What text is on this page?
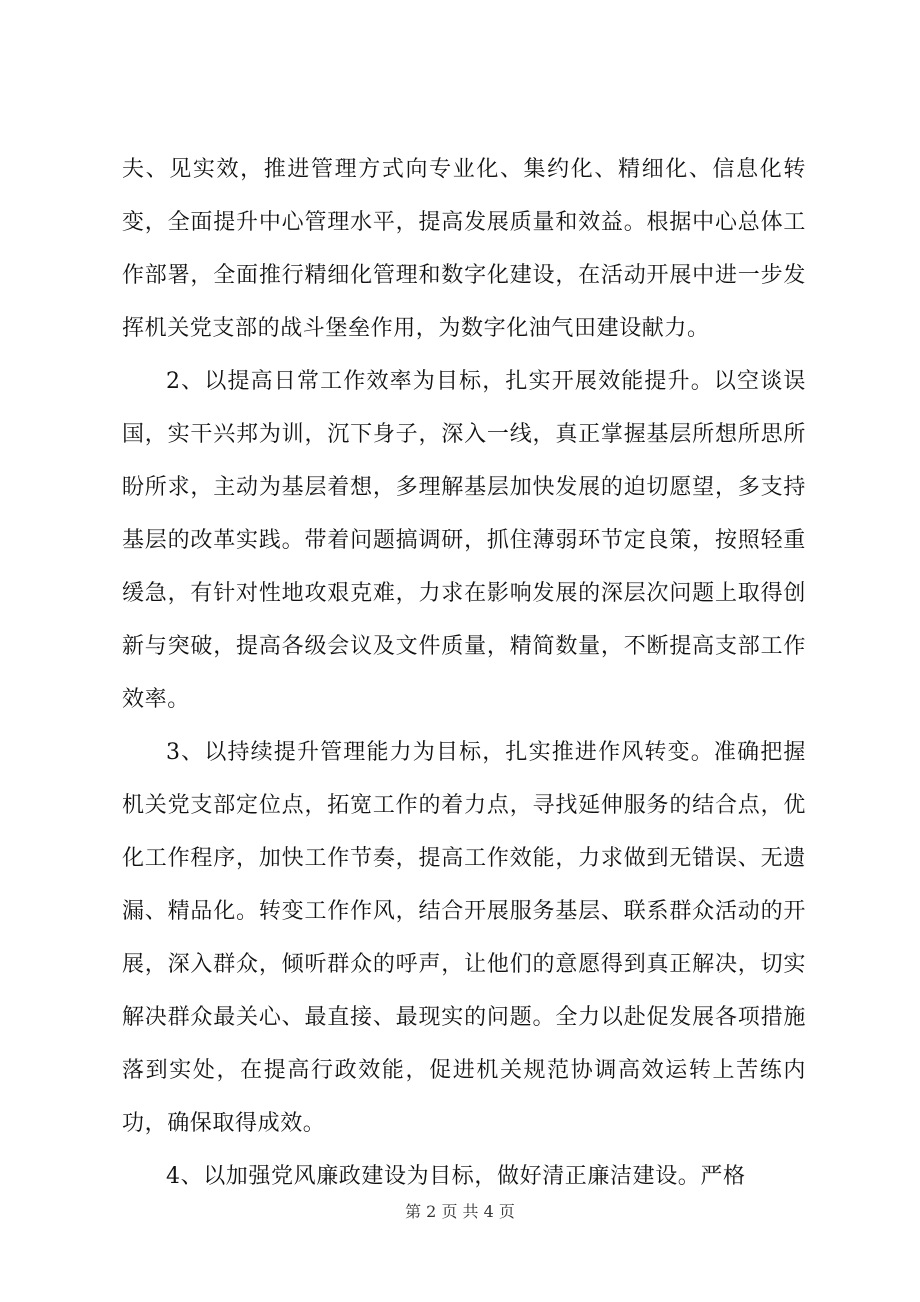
夫、见实效，推进管理方式向专业化、集约化、精细化、信息化转变，全面提升中心管理水平，提高发展质量和效益。根据中心总体工作部署，全面推行精细化管理和数字化建设，在活动开展中进一步发挥机关党支部的战斗堡垒作用，为数字化油气田建设献力。

2、以提高日常工作效率为目标，扎实开展效能提升。以空谈误国，实干兴邦为训，沉下身子，深入一线，真正掌握基层所想所思所盼所求，主动为基层着想，多理解基层加快发展的迫切愿望，多支持基层的改革实践。带着问题搞调研，抓住薄弱环节定良策，按照轻重缓急，有针对性地攻艰克难，力求在影响发展的深层次问题上取得创新与突破，提高各级会议及文件质量，精简数量，不断提高支部工作效率。

3、以持续提升管理能力为目标，扎实推进作风转变。准确把握机关党支部定位点，拓宽工作的着力点，寻找延伸服务的结合点，优化工作程序，加快工作节奏，提高工作效能，力求做到无错误、无遗漏、精品化。转变工作作风，结合开展服务基层、联系群众活动的开展，深入群众，倾听群众的呼声，让他们的意愿得到真正解决，切实解决群众最关心、最直接、最现实的问题。全力以赴促发展各项措施落到实处，在提高行政效能，促进机关规范协调高效运转上苦练内功，确保取得成效。

4、以加强党风廉政建设为目标，做好清正廉洁建设。严格

第 2 页 共 4 页
